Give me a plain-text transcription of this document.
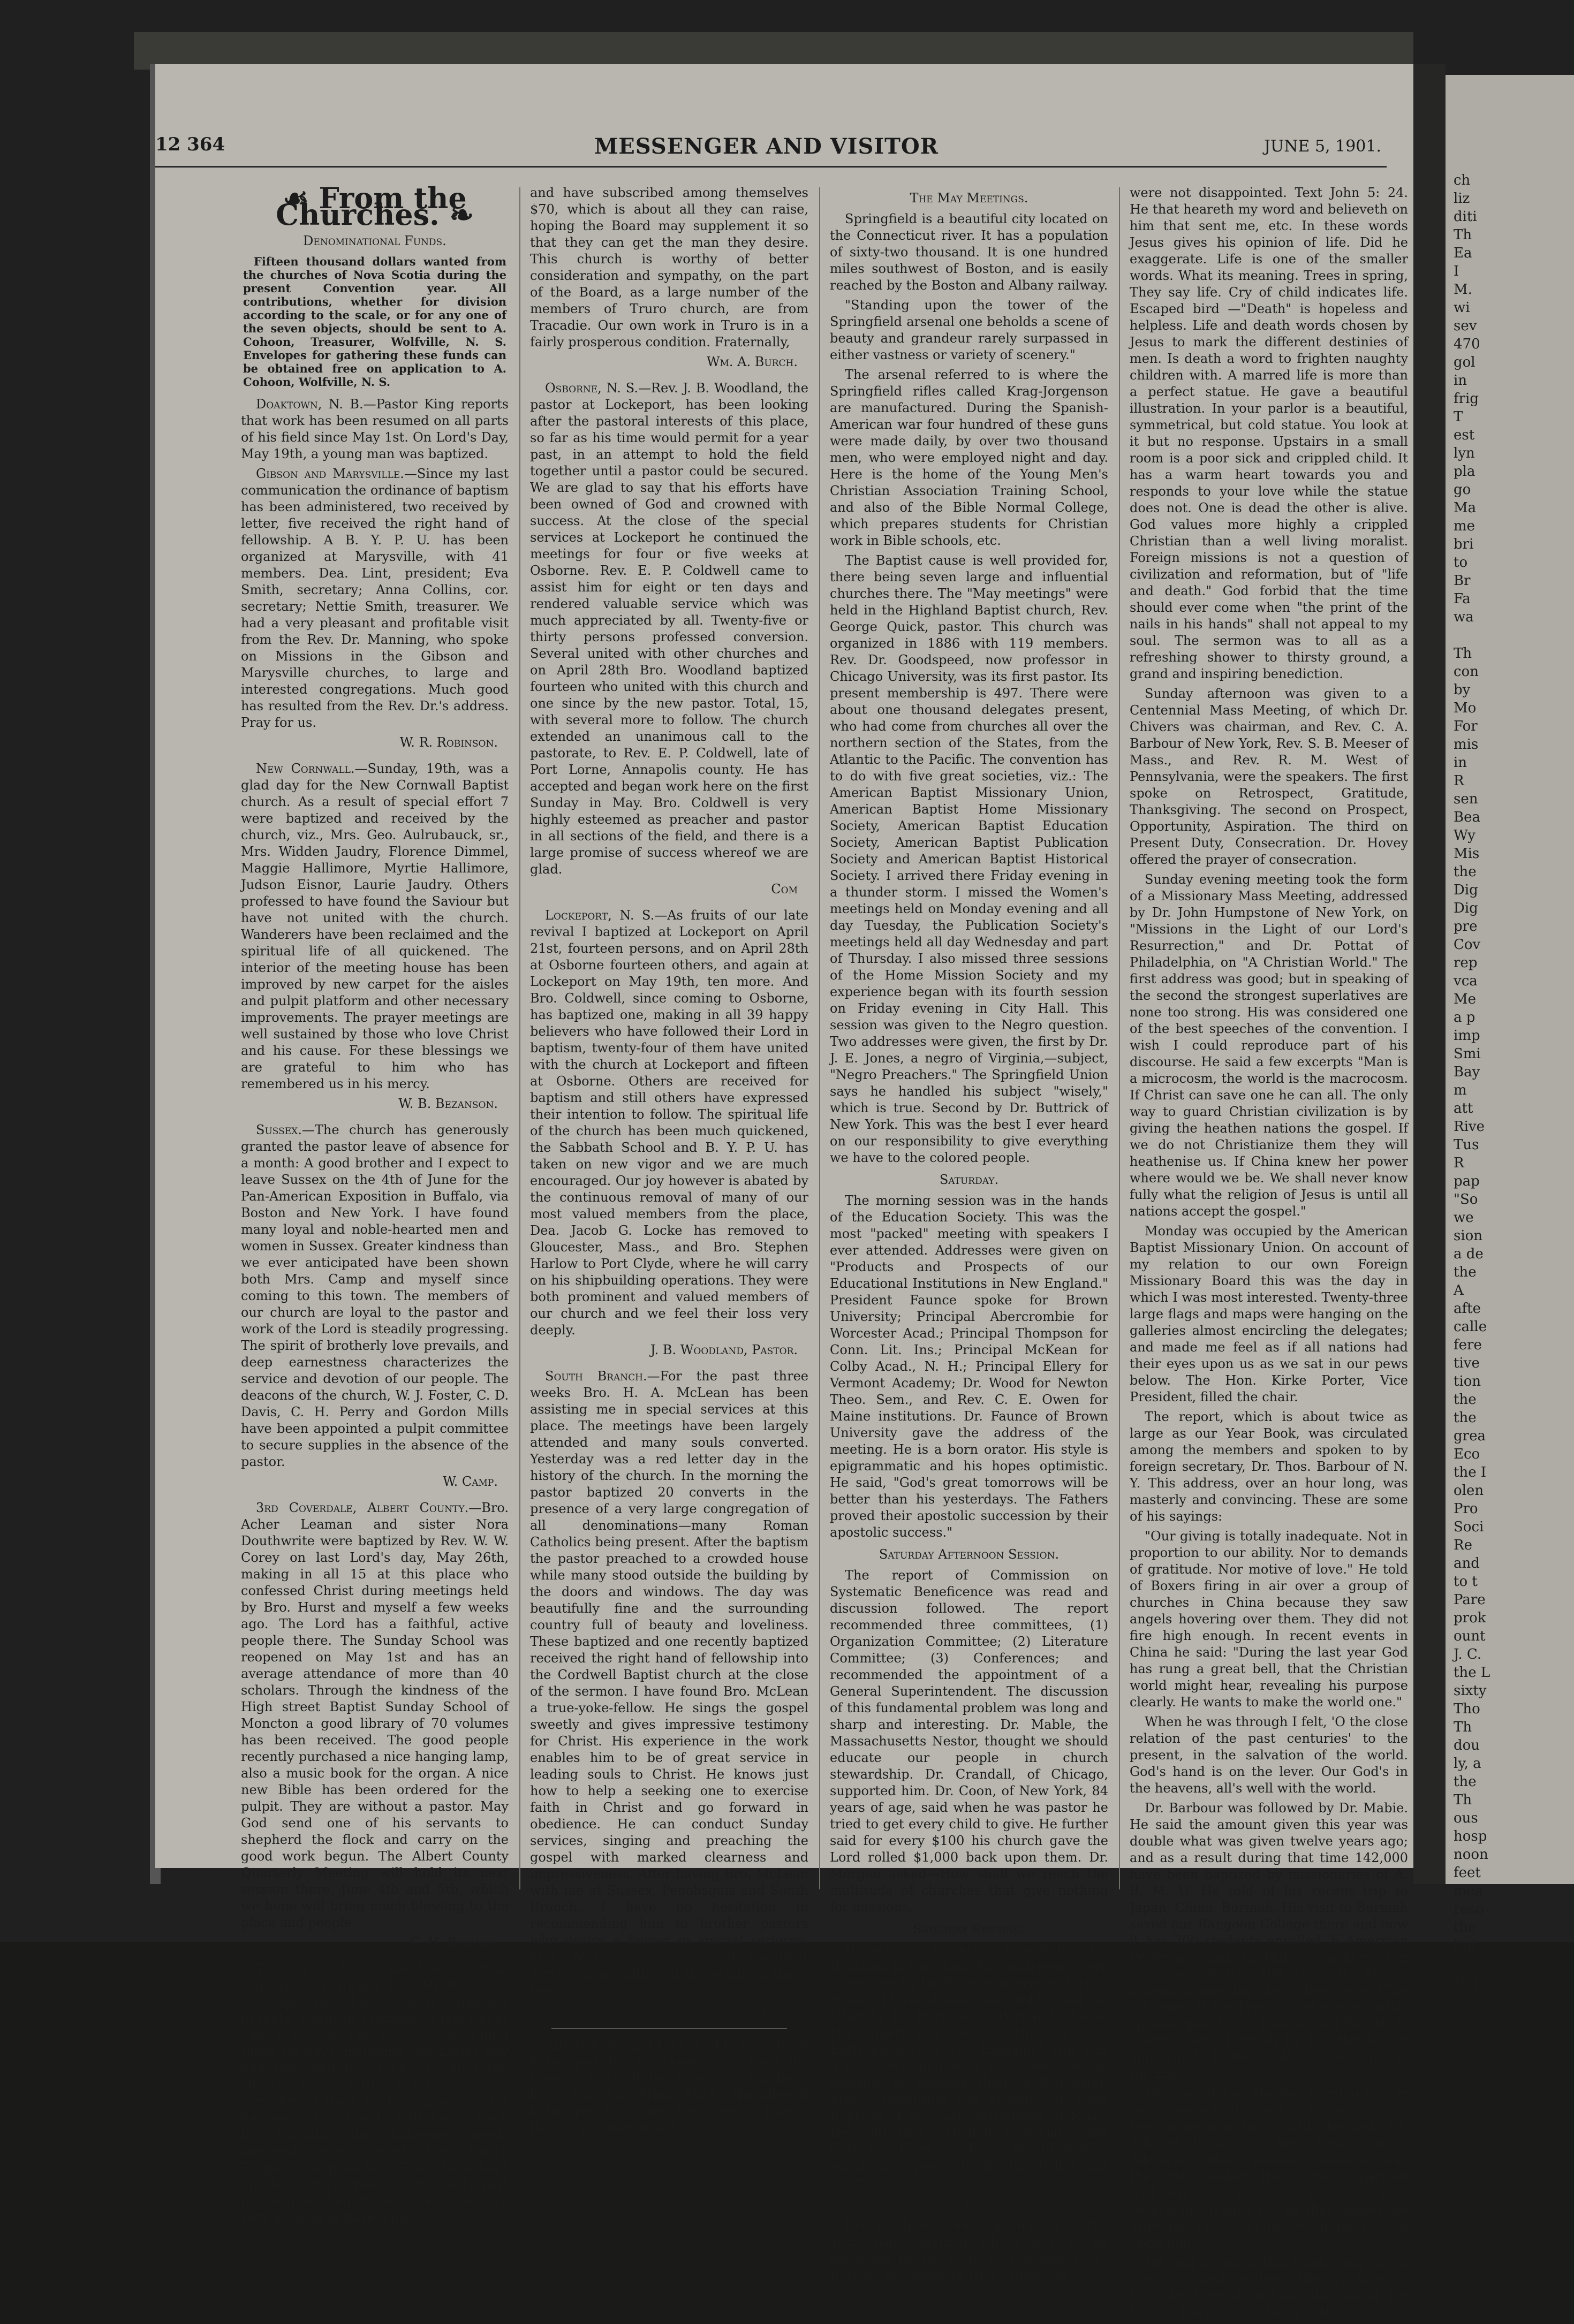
12 364	MESSENGER AND VISITOR	JUNE 5, 1901.
☙ From the Churches. ❧
Denominational Funds.
Fifteen thousand dollars wanted from the churches of Nova Scotia during the present Convention year. All contributions, whether for division according to the scale, or for any one of the seven objects, should be sent to A. Cohoon, Treasurer, Wolfville, N. S. Envelopes for gathering these funds can be obtained free on application to A. Cohoon, Wolfville, N. S.

Doaktown, N. B.—Pastor King reports that work has been resumed on all parts of his field since May 1st. On Lord's Day, May 19th, a young man was baptized.

Gibson and Marysville.—Since my last communication the ordinance of baptism has been administered, two received by letter, five received the right hand of fellowship. A B. Y. P. U. has been organized at Marysville, with 41 members. Dea. Lint, president; Eva Smith, secretary; Anna Collins, cor. secretary; Nettie Smith, treasurer. We had a very pleasant and profitable visit from the Rev. Dr. Manning, who spoke on Missions in the Gibson and Marysville churches, to large and interested congregations. Much good has resulted from the Rev. Dr.'s address. Pray for us.

W. R. Robinson.

New Cornwall.—Sunday, 19th, was a glad day for the New Cornwall Baptist church. As a result of special effort 7 were baptized and received by the church, viz., Mrs. Geo. Aulrubauck, sr., Mrs. Widden Jaudry, Florence Dimmel, Maggie Hallimore, Myrtie Hallimore, Judson Eisnor, Laurie Jaudry. Others professed to have found the Saviour but have not united with the church. Wanderers have been reclaimed and the spiritual life of all quickened. The interior of the meeting house has been improved by new carpet for the aisles and pulpit platform and other necessary improvements. The prayer meetings are well sustained by those who love Christ and his cause. For these blessings we are grateful to him who has remembered us in his mercy.

W. B. Bezanson.

Sussex.—The church has generously granted the pastor leave of absence for a month: A good brother and I expect to leave Sussex on the 4th of June for the Pan-American Exposition in Buffalo, via Boston and New York. I have found many loyal and noble-hearted men and women in Sussex. Greater kindness than we ever anticipated have been shown both Mrs. Camp and myself since coming to this town. The members of our church are loyal to the pastor and work of the Lord is steadily progressing. The spirit of brotherly love prevails, and deep earnestness characterizes the service and devotion of our people. The deacons of the church, W. J. Foster, C. D. Davis, C. H. Perry and Gordon Mills have been appointed a pulpit committee to secure supplies in the absence of the pastor.

W. Camp.

3rd Coverdale, Albert County.—Bro. Acher Leaman and sister Nora Douthwrite were baptized by Rev. W. W. Corey on last Lord's day, May 26th, making in all 15 at this place who confessed Christ during meetings held by Bro. Hurst and myself a few weeks ago. The Lord has a faithful, active people there. The Sunday School was reopened on May 1st and has an average attendance of more than 40 scholars. Through the kindness of the High street Baptist Sunday School of Moncton a good library of 70 volumes has been received. The good people recently purchased a nice hanging lamp, also a music book for the organ. A nice new Bible has been ordered for the pulpit. They are without a pastor. May God send one of his servants to shepherd the flock and carry on the good work begun. The Albert County Quarterly Meeting will hold its next session there, June 4th and 5th, which we hope will bring much blessing to the place and people.

G. H. Beaman.

Tracadie, N. S.—At the Association in July last, at Pugwash, Rev. Mr. Robinson of Antigonish and myself were requested to make a visit to Tracadie. A few weeks ago I visited the church, remaining there six days, including one Lord's day and preached five times. I found the church in a fairly good condition, considering their no having a minister for nearly a year and a half. I went back to Tracadie the following week, baptized, administered the Lord's Supper and preached. They have kept up their prayer meeting regularly part of the time their Bible school. They are very anxious to have a pastor,

and have subscribed among themselves $70, which is about all they can raise, hoping the Board may supplement it so that they can get the man they desire. This church is worthy of better consideration and sympathy, on the part of the Board, as a large number of the members of Truro church, are from Tracadie. Our own work in Truro is in a fairly prosperous condition. Fraternally,

Wm. A. Burch.

Osborne, N. S.—Rev. J. B. Woodland, the pastor at Lockeport, has been looking after the pastoral interests of this place, so far as his time would permit for a year past, in an attempt to hold the field together until a pastor could be secured. We are glad to say that his efforts have been owned of God and crowned with success. At the close of the special services at Lockeport he continued the meetings for four or five weeks at Osborne. Rev. E. P. Coldwell came to assist him for eight or ten days and rendered valuable service which was much appreciated by all. Twenty-five or thirty persons professed conversion. Several united with other churches and on April 28th Bro. Woodland baptized fourteen who united with this church and one since by the new pastor. Total, 15, with several more to follow. The church extended an unanimous call to the pastorate, to Rev. E. P. Coldwell, late of Port Lorne, Annapolis county. He has accepted and began work here on the first Sunday in May. Bro. Coldwell is very highly esteemed as preacher and pastor in all sections of the field, and there is a large promise of success whereof we are glad.

Com

Lockeport, N. S.—As fruits of our late revival I baptized at Lockeport on April 21st, fourteen persons, and on April 28th at Osborne fourteen others, and again at Lockeport on May 19th, ten more. And Bro. Coldwell, since coming to Osborne, has baptized one, making in all 39 happy believers who have followed their Lord in baptism, twenty-four of them have united with the church at Lockeport and fifteen at Osborne. Others are received for baptism and still others have expressed their intention to follow. The spiritual life of the church has been much quickened, the Sabbath School and B. Y. P. U. has taken on new vigor and we are much encouraged. Our joy however is abated by the continuous removal of many of our most valued members from the place, Dea. Jacob G. Locke has removed to Gloucester, Mass., and Bro. Stephen Harlow to Port Clyde, where he will carry on his shipbuilding operations. They were both prominent and valued members of our church and we feel their loss very deeply.

J. B. Woodland, Pastor.

South Branch.—For the past three weeks Bro. H. A. McLean has been assisting me in special services at this place. The meetings have been largely attended and many souls converted. Yesterday was a red letter day in the history of the church. In the morning the pastor baptized 20 converts in the presence of a very large congregation of all denominations—many Roman Catholics being present. After the baptism the pastor preached to a crowded house while many stood outside the building by the doors and windows. The day was beautifully fine and the surrounding country full of beauty and loveliness. These baptized and one recently baptized received the right hand of fellowship into the Cordwell Baptist church at the close of the sermon. I have found Bro. McLean a true-yoke-fellow. He sings the gospel sweetly and gives impressive testimony for Christ. His experience in the work enables him to be of great service in leading souls to Christ. He knows just how to help a seeking one to exercise faith in Christ and go forward in obedience. He can conduct Sunday services, singing and preaching the gospel with marked clearness and impressiveness. After having Bro. McLean with me at Sussex, Penobsquis and South Branch, I have no hesitation in recommending him to brother pastors who desire a helper in special services. Mrs. McLean has rendered excellent service in presiding at the organ in these meetings.

W. Camp.

Albert Koshea, 14, alleged to have been kidnapped by a strange man from his home at Norwalk two years ago, has been located at Ann Arbor, Mich. The alleged kidnapper, who gives the name of Joseph Harris, is under arrest.

The May Meetings.

Springfield is a beautiful city located on the Connecticut river. It has a population of sixty-two thousand. It is one hundred miles southwest of Boston, and is easily reached by the Boston and Albany railway.

"Standing upon the tower of the Springfield arsenal one beholds a scene of beauty and grandeur rarely surpassed in either vastness or variety of scenery."

The arsenal referred to is where the Springfield rifles called Krag-Jorgenson are manufactured. During the Spanish-American war four hundred of these guns were made daily, by over two thousand men, who were employed night and day. Here is the home of the Young Men's Christian Association Training School, and also of the Bible Normal College, which prepares students for Christian work in Bible schools, etc.

The Baptist cause is well provided for, there being seven large and influential churches there. The "May meetings" were held in the Highland Baptist church, Rev. George Quick, pastor. This church was organized in 1886 with 119 members. Rev. Dr. Goodspeed, now professor in Chicago University, was its first pastor. Its present membership is 497. There were about one thousand delegates present, who had come from churches all over the northern section of the States, from the Atlantic to the Pacific. The convention has to do with five great societies, viz.: The American Baptist Missionary Union, American Baptist Home Missionary Society, American Baptist Education Society, American Baptist Publication Society and American Baptist Historical Society. I arrived there Friday evening in a thunder storm. I missed the Women's meetings held on Monday evening and all day Tuesday, the Publication Society's meetings held all day Wednesday and part of Thursday. I also missed three sessions of the Home Mission Society and my experience began with its fourth session on Friday evening in City Hall. This session was given to the Negro question. Two addresses were given, the first by Dr. J. E. Jones, a negro of Virginia,—subject, "Negro Preachers." The Springfield Union says he handled his subject "wisely," which is true. Second by Dr. Buttrick of New York. This was the best I ever heard on our responsibility to give everything we have to the colored people.

Saturday.

The morning session was in the hands of the Education Society. This was the most "packed" meeting with speakers I ever attended. Addresses were given on "Products and Prospects of our Educational Institutions in New England." President Faunce spoke for Brown University; Principal Abercrombie for Worcester Acad.; Principal Thompson for Conn. Lit. Ins.; Principal McKean for Colby Acad., N. H.; Principal Ellery for Vermont Academy; Dr. Wood for Newton Theo. Sem., and Rev. C. E. Owen for Maine institutions. Dr. Faunce of Brown University gave the address of the meeting. He is a born orator. His style is epigrammatic and his hopes optimistic. He said, "God's great tomorrows will be better than his yesterdays. The Fathers proved their apostolic succession by their apostolic success."

Saturday Afternoon Session.

The report of Commission on Systematic Beneficence was read and discussion followed. The report recommended three committees, (1) Organization Committee; (2) Literature Committee; (3) Conferences; and recommended the appointment of a General Superintendent. The discussion of this fundamental problem was long and sharp and interesting. Dr. Mable, the Massachusetts Nestor, thought we should educate our people in church stewardship. Dr. Crandall, of Chicago, supported him. Dr. Coon, of New York, 84 years of age, said when he was pastor he tried to get every child to give. He further said for every $100 his church gave the Lord rolled $1,000 back upon them. Dr. Morgan asked—How shall we reach the multitude of churches that give nothing for missions.

Saturday Evening.

Historical Society. President Dr. Whitman in the chair. Two addresses were given, one by Dr. Faunce, whose oratorical powers I have already referred to, and the other by Dr. Burrage, of Portland, Maine. His subject was "Senator Hoar and the Early Baptists of New England." This was a flat contradiction of a statement made recently by Senator Hoar of Worcester, Mass., regarding the attitude of some Baptists at the early settlement of Mass. He said they expelled Unitarians and Catholics from privileges of citizenship, which is opposed to Baptist belief and practice.

Sunday.

Everybody was looking forward to the anniversary sermon which was to be preached by Dr. Hunt of Clarendon St., Boston, successor to Dr. Gordon. We

were not disappointed. Text John 5: 24. He that heareth my word and believeth on him that sent me, etc. In these words Jesus gives his opinion of life. Did he exaggerate. Life is one of the smaller words. What its meaning. Trees in spring, They say life. Cry of child indicates life. Escaped bird —"Death" is hopeless and helpless. Life and death words chosen by Jesus to mark the different destinies of men. Is death a word to frighten naughty children with. A marred life is more than a perfect statue. He gave a beautiful illustration. In your parlor is a beautiful, symmetrical, but cold statue. You look at it but no response. Upstairs in a small room is a poor sick and crippled child. It has a warm heart towards you and responds to your love while the statue does not. One is dead the other is alive. God values more highly a crippled Christian than a well living moralist. Foreign missions is not a question of civilization and reformation, but of "life and death." God forbid that the time should ever come when "the print of the nails in his hands" shall not appeal to my soul. The sermon was to all as a refreshing shower to thirsty ground, a grand and inspiring benediction.

Sunday afternoon was given to a Centennial Mass Meeting, of which Dr. Chivers was chairman, and Rev. C. A. Barbour of New York, Rev. S. B. Meeser of Mass., and Rev. R. M. West of Pennsylvania, were the speakers. The first spoke on Retrospect, Gratitude, Thanksgiving. The second on Prospect, Opportunity, Aspiration. The third on Present Duty, Consecration. Dr. Hovey offered the prayer of consecration.

Sunday evening meeting took the form of a Missionary Mass Meeting, addressed by Dr. John Humpstone of New York, on "Missions in the Light of our Lord's Resurrection," and Dr. Pottat of Philadelphia, on "A Christian World." The first address was good; but in speaking of the second the strongest superlatives are none too strong. His was considered one of the best speeches of the convention. I wish I could reproduce part of his discourse. He said a few excerpts "Man is a microcosm, the world is the macrocosm. If Christ can save one he can all. The only way to guard Christian civilization is by giving the heathen nations the gospel. If we do not Christianize them they will heathenise us. If China knew her power where would we be. We shall never know fully what the religion of Jesus is until all nations accept the gospel."

Monday was occupied by the American Baptist Missionary Union. On account of my relation to our own Foreign Missionary Board this was the day in which I was most interested. Twenty-three large flags and maps were hanging on the galleries almost encircling the delegates; and made me feel as if all nations had their eyes upon us as we sat in our pews below. The Hon. Kirke Porter, Vice President, filled the chair.

The report, which is about twice as large as our Year Book, was circulated among the members and spoken to by foreign secretary, Dr. Thos. Barbour of N. Y. This address, over an hour long, was masterly and convincing. These are some of his sayings:

"Our giving is totally inadequate. Not in proportion to our ability. Nor to demands of gratitude. Nor motive of love." He told of Boxers firing in air over a group of churches in China because they saw angels hovering over them. They did not fire high enough. In recent events in China he said: "During the last year God has rung a great bell, that the Christian world might hear, revealing his purpose clearly. He wants to make the world one."

When he was through I felt, 'O the close relation of the past centuries' to the present, in the salvation of the world. God's hand is on the lever. Our God's in the heavens, all's well with the world.

Dr. Barbour was followed by Dr. Mabie. He said the amount given this year was double what was given twelve years ago; and as a result during that time 142,000 have been baptized by missionaries of A. B. M. U. He told of his recent trip to Japan, China, Burmah. His visit to Burmah saved our Rangoon College there and now it has 700 students enrolled, 6 American Professors and 12 Native teachers. Ten years ago it had 100 students. At the afternoon meeting the subject was "The Situation at the Front." "Telugus in India" spoken upon by Dr. Downie and Rev. W. A. Stanton, and Burmah by Dr. Henderson and Prof. L. E. Hicks, all of whom labor in the East.

The meeting of Monday evening was in some respects the best of the series. The best wine was kept until the last. Dr. Edward Judson of New York, son of Adoniram Judson, pioneer missionary was the first speaker. His address sparkled with wit and fact. He started out with several illustrative stories that caused the attention of his audience to be riveted upon him.

He said a church that thinks only about itself fails and declines. The cry America for Christ must include the world for Christ. The cure for death in the

ch
liz
diti
Th
Ea
I
M.
wi
sev
470
gol
in
frig
T
est
lyn
pla
go
Ma
me
bri
to
Br
Fa
wa

Th
con
by
Mo
For
mis
in
R
sen
Bea
Wy
Mis
the
Dig
Dig
pre
Cov
rep
vca
Me
a p
imp
Smi
Bay
m
att
Rive
Tus
R
pap
"So
we
sion
a de
the
A
afte
calle
fere
tive
tion
the
the
grea
Eco
the I
olen
Pro
Soci
Re
and
to t
Pare
prok
ount
J. C.
the L
sixty
Tho
Th
dou
ly, a
the
Th
ous
hosp
noon
feet
mea
reso
the
but

Dig
